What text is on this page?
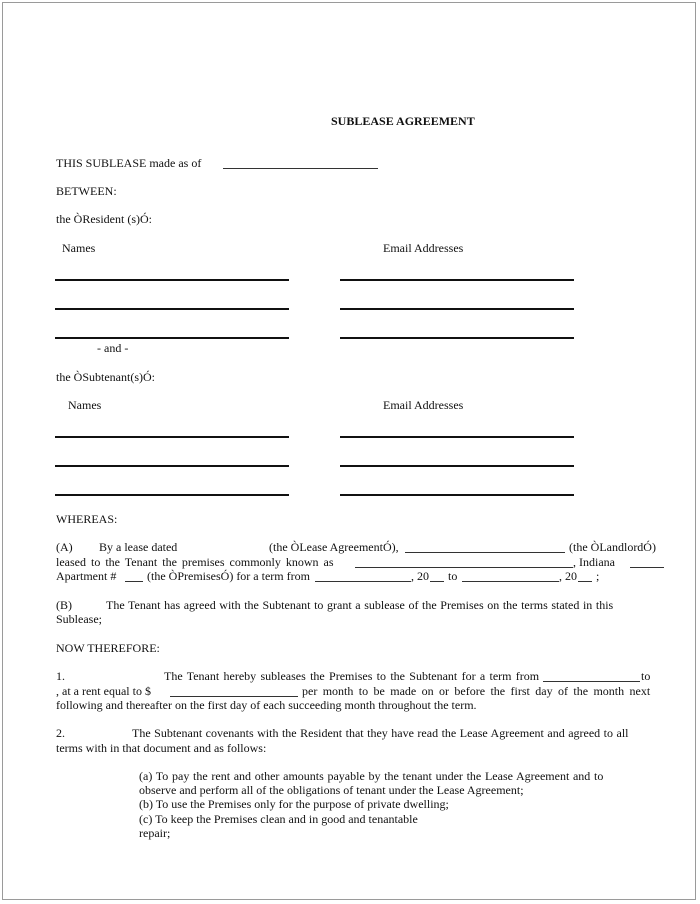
SUBLEASE AGREEMENT
THIS SUBLEASE made as of
BETWEEN:
the ÒResident (s)Ó:
Names	Email Addresses
- and -
the ÒSubtenant(s)Ó:
Names	Email Addresses
WHEREAS:
(A) By a lease dated	(the ÒLease AgreementÓ),	(the ÒLandlordÓ)
leased to the Tenant the premises commonly known as	, Indiana
Apartment #	(the ÒPremisesÓ) for a term from	, 20 to	, 20 ;
(B)	The Tenant has agreed with the Subtenant to grant a sublease of the Premises on the terms stated in this
Sublease;
NOW THEREFORE:
1.	The Tenant hereby subleases the Premises to the Subtenant for a term from	to
, at a rent equal to $	per month to be made on or before the first day of the month next
following and thereafter on the first day of each succeeding month throughout the term.
2.	The Subtenant covenants with the Resident that they have read the Lease Agreement and agreed to all
terms with in that document and as follows:
(a) To pay the rent and other amounts payable by the tenant under the Lease Agreement and to
observe and perform all of the obligations of tenant under the Lease Agreement;
(b) To use the Premises only for the purpose of private dwelling;
(c) To keep the Premises clean and in good and tenantable
repair;
